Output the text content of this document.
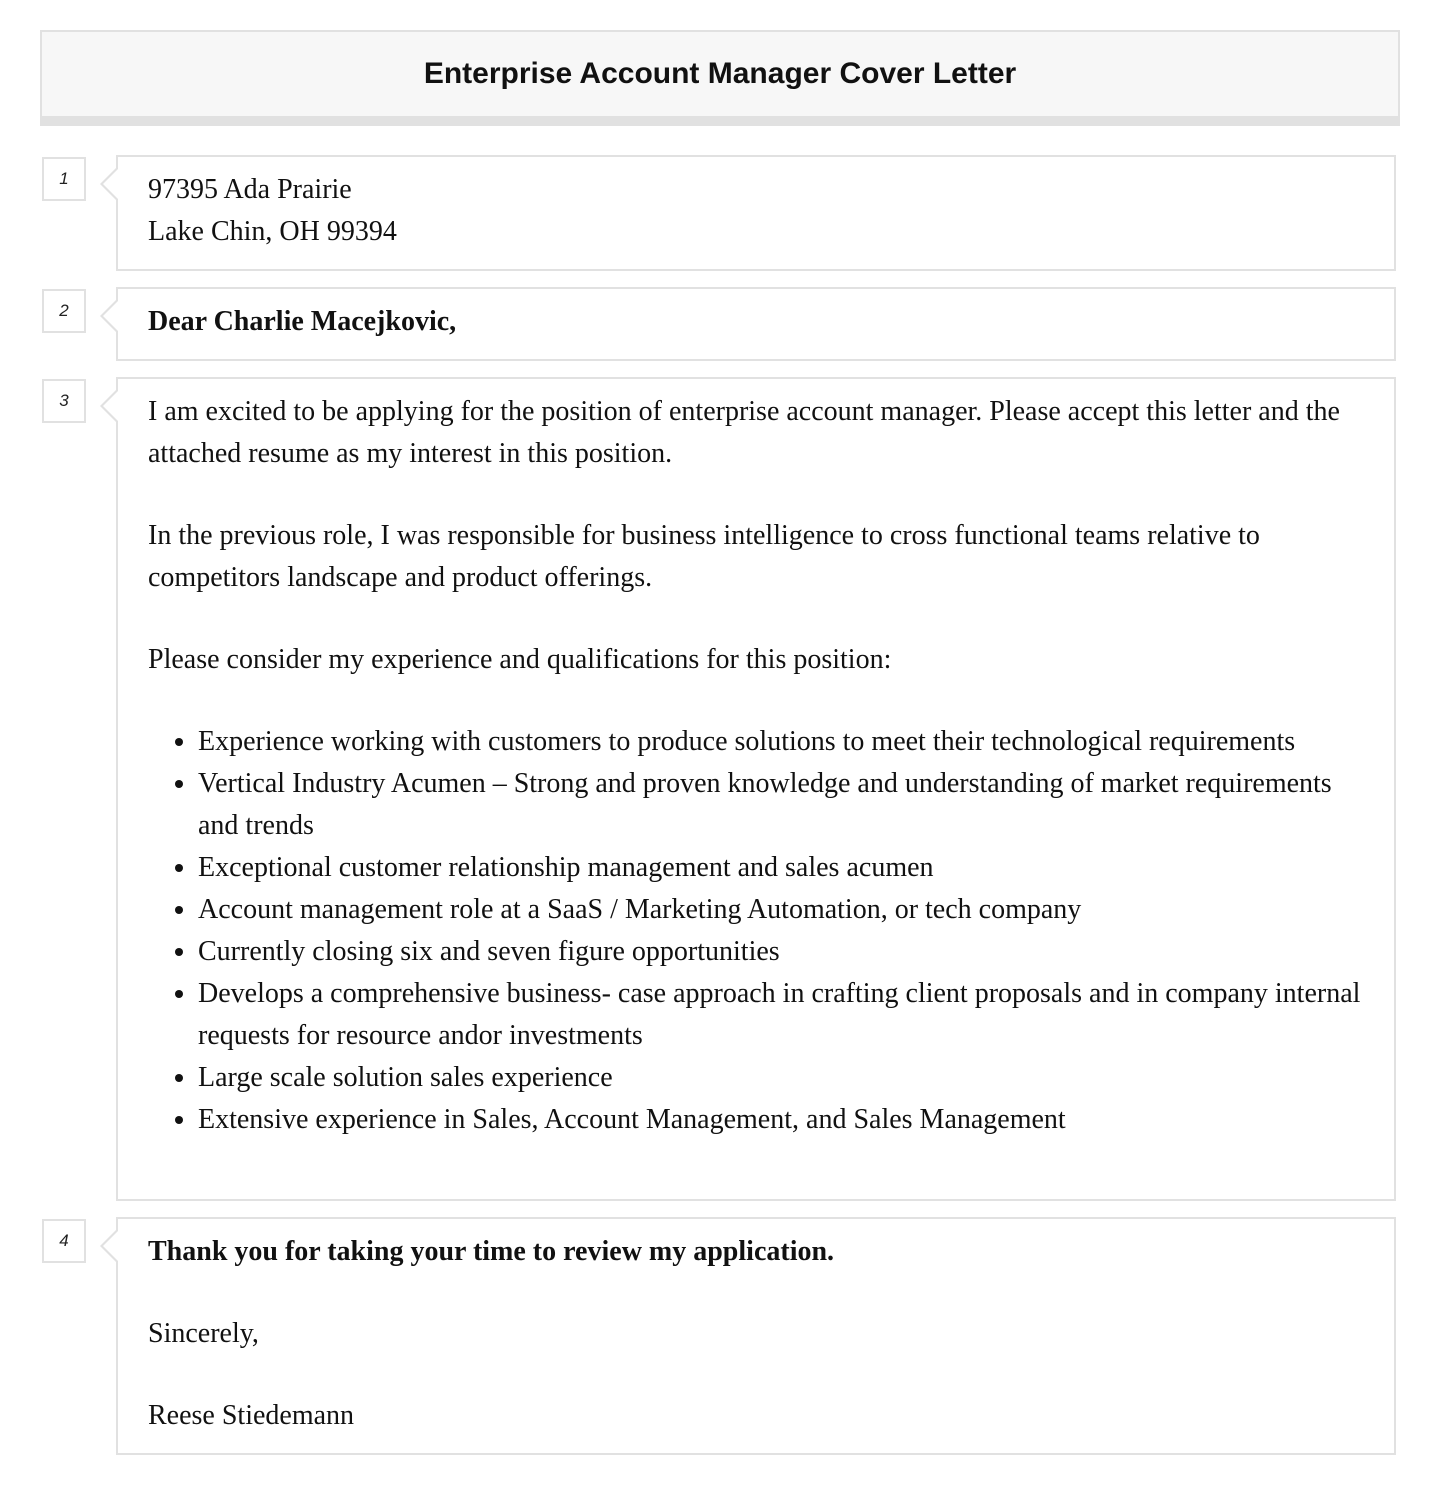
Enterprise Account Manager Cover Letter
1	97395 Ada Prairie

Lake Chin, OH 99394

2	Dear Charlie Macejkovic,

3	I am excited to be applying for the position of enterprise account manager. Please accept this letter and the attached resume as my interest in this position.

In the previous role, I was responsible for business intelligence to cross functional teams relative to competitors landscape and product offerings.

Please consider my experience and qualifications for this position:

• Experience working with customers to produce solutions to meet their technological requirements
• Vertical Industry Acumen – Strong and proven knowledge and understanding of market requirements and trends
• Exceptional customer relationship management and sales acumen
• Account management role at a SaaS / Marketing Automation, or tech company
• Currently closing six and seven figure opportunities
• Develops a comprehensive business- case approach in crafting client proposals and in company internal requests for resource andor investments
• Large scale solution sales experience
• Extensive experience in Sales, Account Management, and Sales Management
4	Thank you for taking your time to review my application.

Sincerely,

Reese Stiedemann
